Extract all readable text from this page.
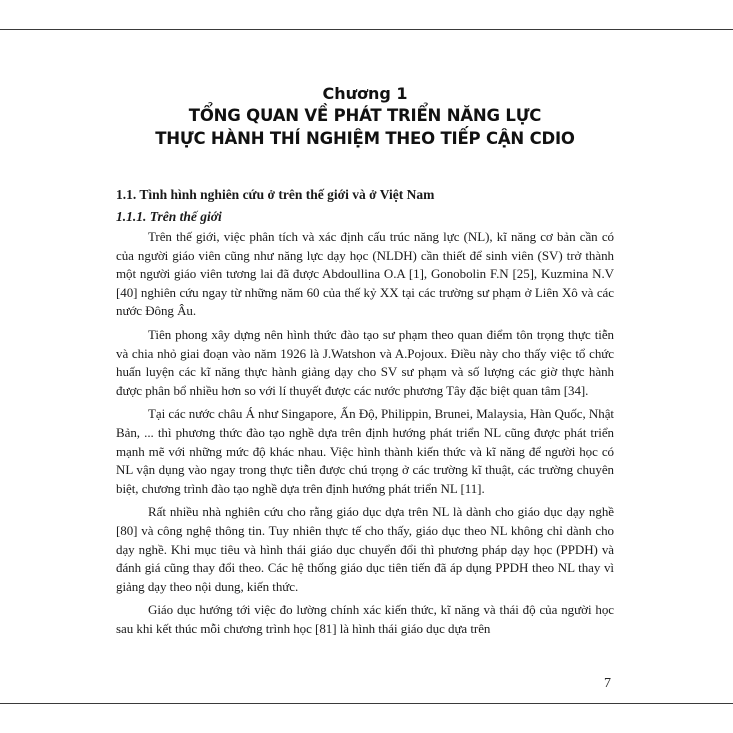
Chương 1
TỔNG QUAN VỀ PHÁT TRIỂN NĂNG LỰC
THỰC HÀNH THÍ NGHIỆM THEO TIẾP CẬN CDIO
1.1. Tình hình nghiên cứu ở trên thế giới và ở Việt Nam
1.1.1. Trên thế giới

Trên thế giới, việc phân tích và xác định cấu trúc năng lực (NL), kĩ năng cơ bản cần có của người giáo viên cũng như năng lực dạy học (NLDH) cần thiết để sinh viên (SV) trở thành một người giáo viên tương lai đã được Abdoullina O.A [1], Gonobolin F.N [25], Kuzmina N.V [40] nghiên cứu ngay từ những năm 60 của thế kỷ XX tại các trường sư phạm ở Liên Xô và các nước Đông Âu.

Tiên phong xây dựng nên hình thức đào tạo sư phạm theo quan điểm tôn trọng thực tiễn và chia nhỏ giai đoạn vào năm 1926 là J.Watshon và A.Pojoux. Điều này cho thấy việc tổ chức huấn luyện các kĩ năng thực hành giảng dạy cho SV sư phạm và số lượng các giờ thực hành được phân bổ nhiều hơn so với lí thuyết được các nước phương Tây đặc biệt quan tâm [34].

Tại các nước châu Á như Singapore, Ấn Độ, Philippin, Brunei, Malaysia, Hàn Quốc, Nhật Bản, ... thì phương thức đào tạo nghề dựa trên định hướng phát triển NL cũng được phát triển mạnh mẽ với những mức độ khác nhau. Việc hình thành kiến thức và kĩ năng để người học có NL vận dụng vào ngay trong thực tiễn được chú trọng ở các trường kĩ thuật, các trường chuyên biệt, chương trình đào tạo nghề dựa trên định hướng phát triển NL [11].

Rất nhiều nhà nghiên cứu cho rằng giáo dục dựa trên NL là dành cho giáo dục dạy nghề [80] và công nghệ thông tin. Tuy nhiên thực tế cho thấy, giáo dục theo NL không chỉ dành cho dạy nghề. Khi mục tiêu và hình thái giáo dục chuyển đổi thì phương pháp dạy học (PPDH) và đánh giá cũng thay đổi theo. Các hệ thống giáo dục tiên tiến đã áp dụng PPDH theo NL thay vì giảng dạy theo nội dung, kiến thức.

Giáo dục hướng tới việc đo lường chính xác kiến thức, kĩ năng và thái độ của người học sau khi kết thúc mỗi chương trình học [81] là hình thái giáo dục dựa trên

7
